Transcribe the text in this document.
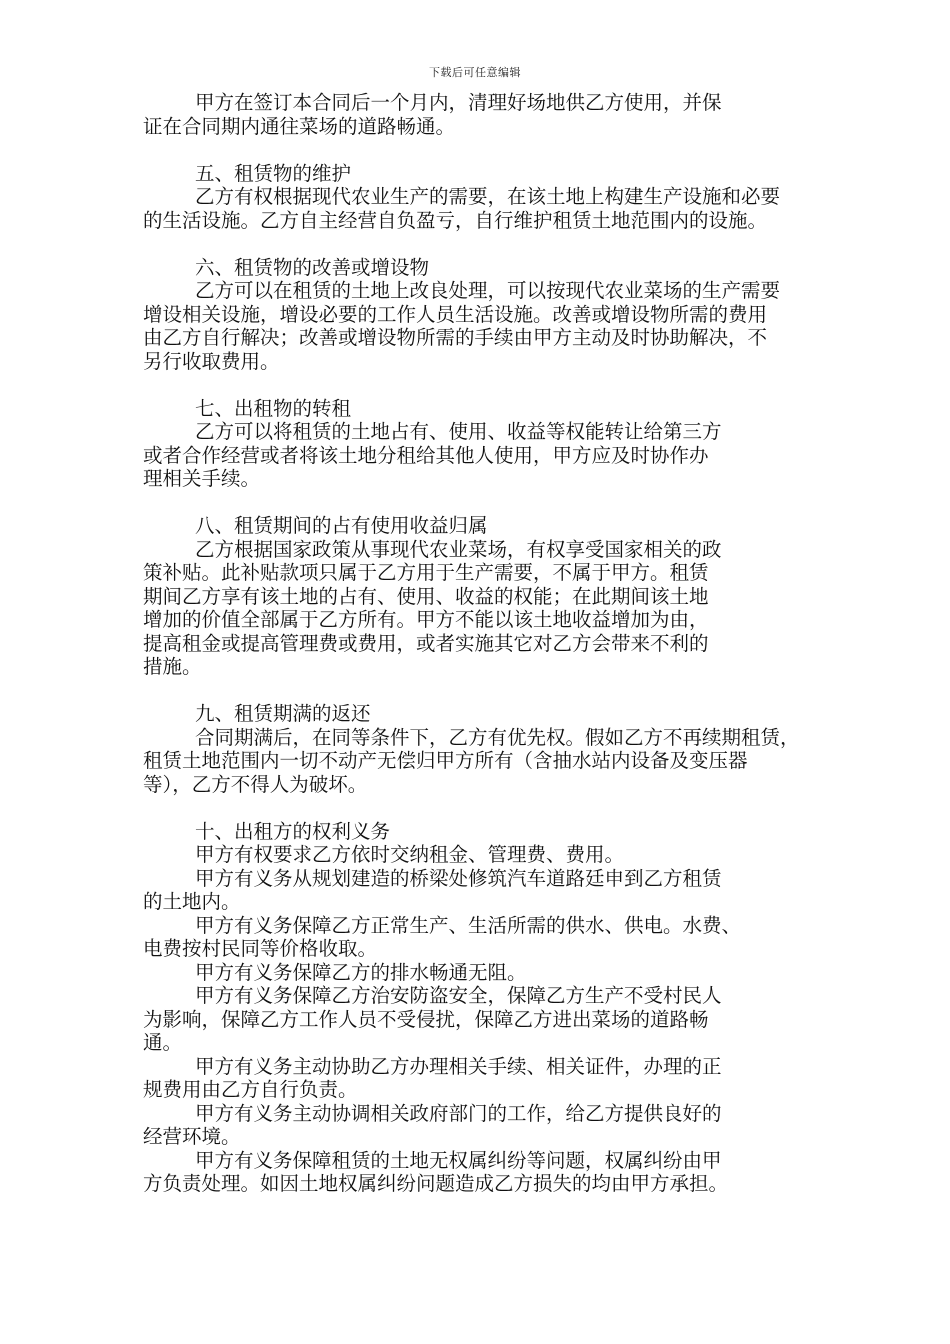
下载后可任意编辑
甲方在签订本合同后一个月内，清理好场地供乙方使用，并保
证在合同期内通往菜场的道路畅通。
五、租赁物的维护
乙方有权根据现代农业生产的需要，在该土地上构建生产设施和必要
的生活设施。乙方自主经营自负盈亏，自行维护租赁土地范围内的设施。
六、租赁物的改善或增设物
乙方可以在租赁的土地上改良处理，可以按现代农业菜场的生产需要
增设相关设施，增设必要的工作人员生活设施。改善或增设物所需的费用
由乙方自行解决；改善或增设物所需的手续由甲方主动及时协助解决，不
另行收取费用。
七、出租物的转租
乙方可以将租赁的土地占有、使用、收益等权能转让给第三方
或者合作经营或者将该土地分租给其他人使用，甲方应及时协作办
理相关手续。
八、租赁期间的占有使用收益归属
乙方根据国家政策从事现代农业菜场，有权享受国家相关的政
策补贴。此补贴款项只属于乙方用于生产需要，不属于甲方。租赁
期间乙方享有该土地的占有、使用、收益的权能；在此期间该土地
增加的价值全部属于乙方所有。甲方不能以该土地收益增加为由，
提高租金或提高管理费或费用，或者实施其它对乙方会带来不利的
措施。
九、租赁期满的返还
合同期满后，在同等条件下，乙方有优先权。假如乙方不再续期租赁，
租赁土地范围内一切不动产无偿归甲方所有（含抽水站内设备及变压器
等），乙方不得人为破坏。
十、出租方的权利义务
甲方有权要求乙方依时交纳租金、管理费、费用。
甲方有义务从规划建造的桥梁处修筑汽车道路廷申到乙方租赁
的土地内。
甲方有义务保障乙方正常生产、生活所需的供水、供电。水费、
电费按村民同等价格收取。
甲方有义务保障乙方的排水畅通无阻。
甲方有义务保障乙方治安防盗安全，保障乙方生产不受村民人
为影响，保障乙方工作人员不受侵扰，保障乙方进出菜场的道路畅
通。
甲方有义务主动协助乙方办理相关手续、相关证件，办理的正
规费用由乙方自行负责。
甲方有义务主动协调相关政府部门的工作，给乙方提供良好的
经营环境。
甲方有义务保障租赁的土地无权属纠纷等问题，权属纠纷由甲
方负责处理。如因土地权属纠纷问题造成乙方损失的均由甲方承担。
